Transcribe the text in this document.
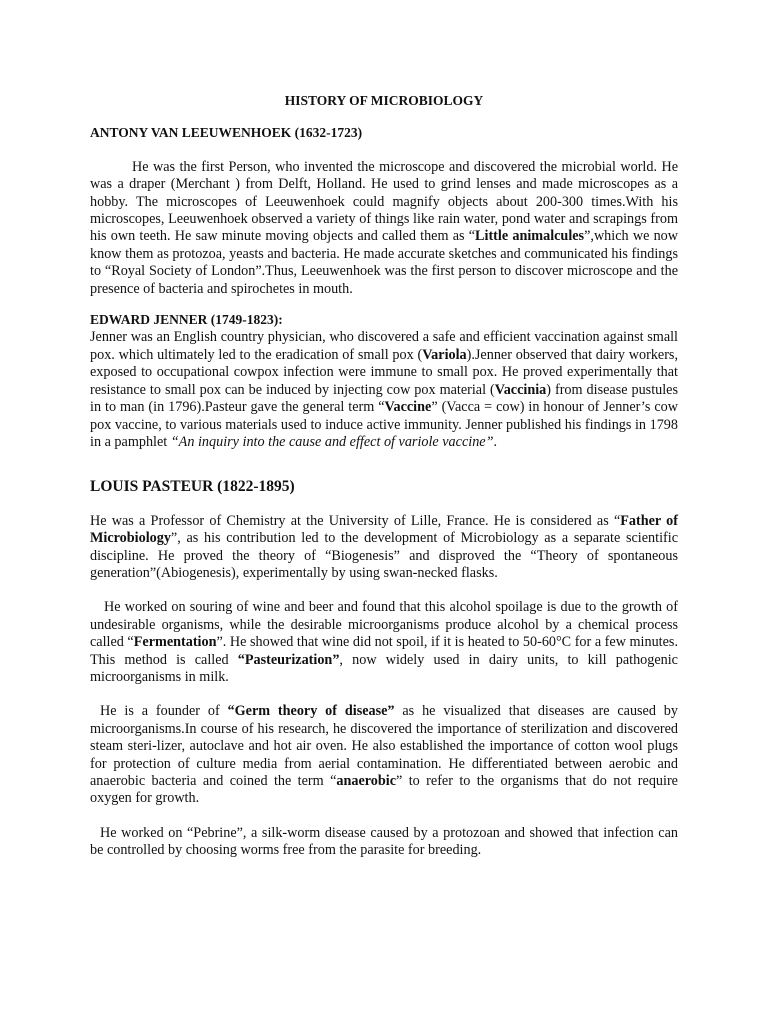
HISTORY OF MICROBIOLOGY
ANTONY VAN LEEUWENHOEK (1632-1723)

He was the first Person, who invented the microscope and discovered the microbial world. He was a draper (Merchant ) from Delft, Holland. He used to grind lenses and made microscopes as a hobby. The microscopes of Leeuwenhoek could magnify objects about 200-300 times.With his microscopes, Leeuwenhoek observed a variety of things like rain water, pond water and scrapings from his own teeth. He saw minute moving objects and called them as “Little animalcules”,which we now know them as protozoa, yeasts and bacteria. He made accurate sketches and communicated his findings to “Royal Society of London”.Thus, Leeuwenhoek was the first person to discover microscope and the presence of bacteria and spirochetes in mouth.

EDWARD JENNER (1749-1823):

Jenner was an English country physician, who discovered a safe and efficient vaccination against small pox. which ultimately led to the eradication of small pox (Variola).Jenner observed that dairy workers, exposed to occupational cowpox infection were immune to small pox. He proved experimentally that resistance to small pox can be induced by injecting cow pox material (Vaccinia) from disease pustules in to man (in 1796).Pasteur gave the general term “Vaccine” (Vacca = cow) in honour of Jenner’s cow pox vaccine, to various materials used to induce active immunity. Jenner published his findings in 1798 in a pamphlet “An inquiry into the cause and effect of variole vaccine”.

LOUIS PASTEUR (1822-1895)

He was a Professor of Chemistry at the University of Lille, France. He is considered as “Father of Microbiology”, as his contribution led to the development of Microbiology as a separate scientific discipline. He proved the theory of “Biogenesis” and disproved the “Theory of spontaneous generation”(Abiogenesis), experimentally by using swan-necked flasks.

He worked on souring of wine and beer and found that this alcohol spoilage is due to the growth of undesirable organisms, while the desirable microorganisms produce alcohol by a chemical process called “Fermentation”. He showed that wine did not spoil, if it is heated to 50-60°C for a few minutes. This method is called “Pasteurization”, now widely used in dairy units, to kill pathogenic microorganisms in milk.

He is a founder of “Germ theory of disease” as he visualized that diseases are caused by microorganisms.In course of his research, he discovered the importance of sterilization and discovered steam steri-lizer, autoclave and hot air oven. He also established the importance of cotton wool plugs for protection of culture media from aerial contamination. He differentiated between aerobic and anaerobic bacteria and coined the term “anaerobic” to refer to the organisms that do not require oxygen for growth.

He worked on “Pebrine”, a silk-worm disease caused by a protozoan and showed that infection can be controlled by choosing worms free from the parasite for breeding.
